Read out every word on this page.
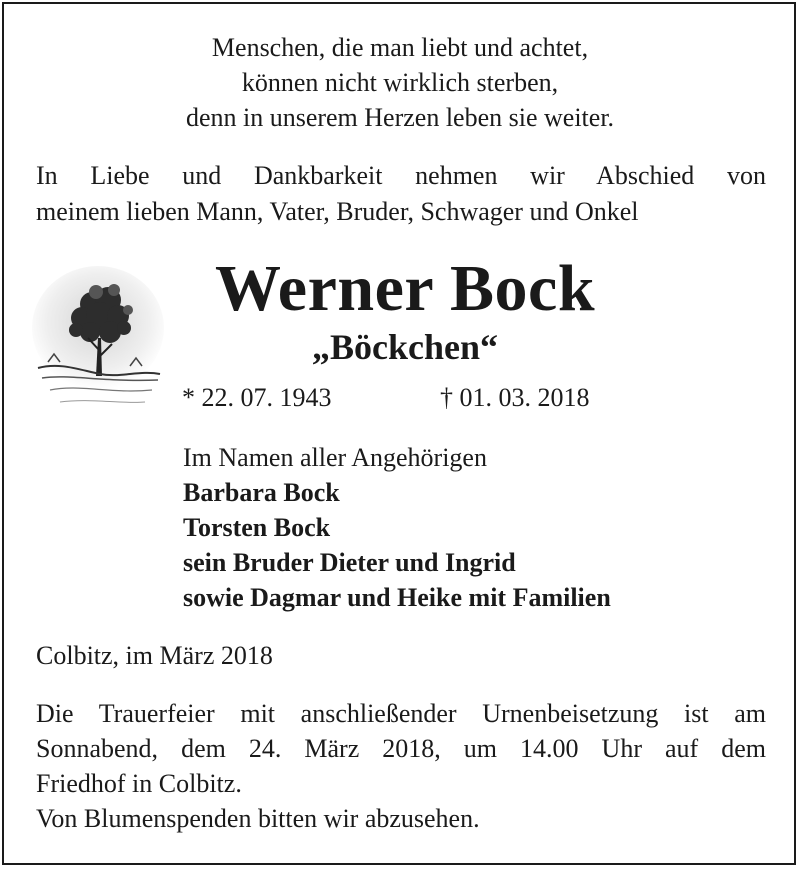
Menschen, die man liebt und achtet,
können nicht wirklich sterben,
denn in unserem Herzen leben sie weiter.
In Liebe und Dankbarkeit nehmen wir Abschied von
meinem lieben Mann, Vater, Bruder, Schwager und Onkel
Werner Bock
„Böckchen“
* 22. 07. 1943	† 01. 03. 2018
Im Namen aller Angehörigen
Barbara Bock
Torsten Bock
sein Bruder Dieter und Ingrid
sowie Dagmar und Heike mit Familien
Colbitz, im März 2018
Die Trauerfeier mit anschließender Urnenbeisetzung ist am
Sonnabend, dem 24. März 2018, um 14.00 Uhr auf dem
Friedhof in Colbitz.
Von Blumenspenden bitten wir abzusehen.
